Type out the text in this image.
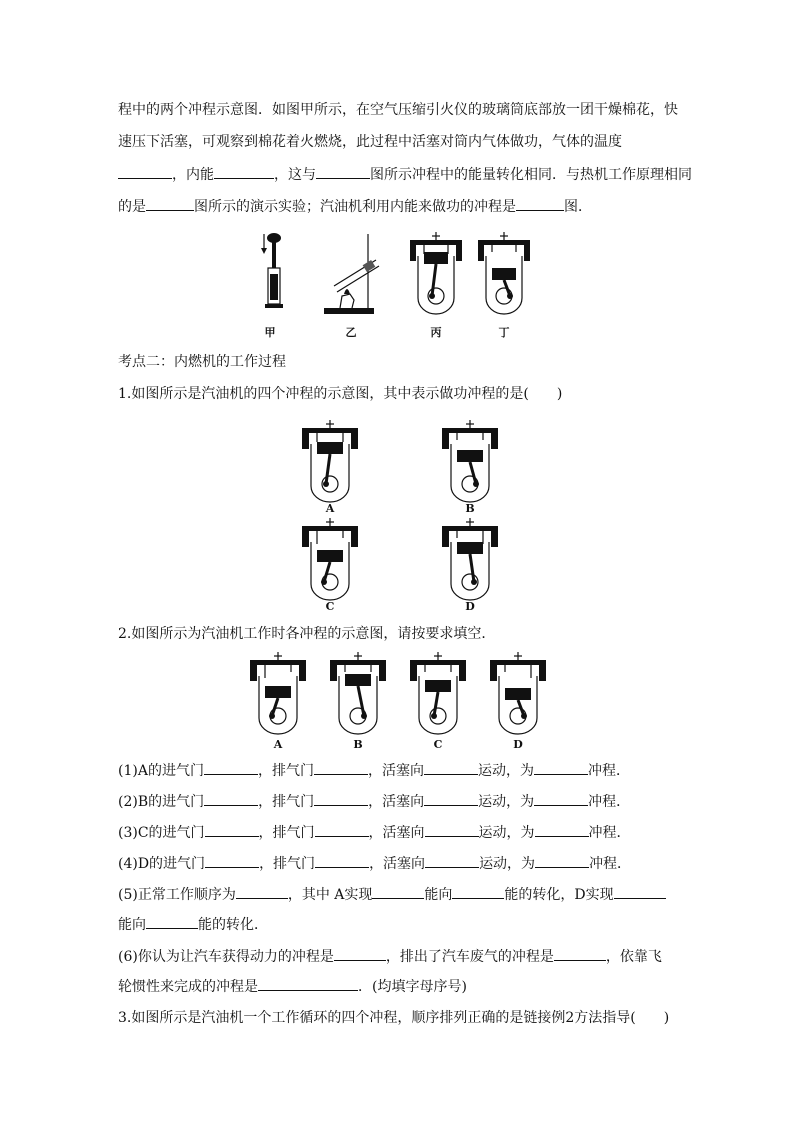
程中的两个冲程示意图．如图甲所示，在空气压缩引火仪的玻璃筒底部放一团干燥棉花，快
速压下活塞，可观察到棉花着火燃烧，此过程中活塞对筒内气体做功，气体的温度
，内能	，这与	图所示冲程中的能量转化相同．与热机工作原理相同
的是	图所示的演示实验；汽油机利用内能来做功的冲程是	图．
甲	乙	丙	丁
考点二：内燃机的工作过程
1.如图所示是汽油机的四个冲程的示意图，其中表示做功冲程的是(　　)
A	B
C	D
2.如图所示为汽油机工作时各冲程的示意图，请按要求填空．
A	B	C	D
(1)A的进气门	，排气门	，活塞向	运动，为	冲程．
(2)B的进气门	，排气门	，活塞向	运动，为	冲程．
(3)C的进气门	，排气门	，活塞向	运动，为	冲程．
(4)D的进气门	，排气门	，活塞向	运动，为	冲程．
(5)正常工作顺序为	，其中 A实现	能向	能的转化，D实现
能向	能的转化．
(6)你认为让汽车获得动力的冲程是	，排出了汽车废气的冲程是	，依靠飞
轮惯性来完成的冲程是	．(均填字母序号)
3.如图所示是汽油机一个工作循环的四个冲程，顺序排列正确的是链接例2方法指导(　　)
